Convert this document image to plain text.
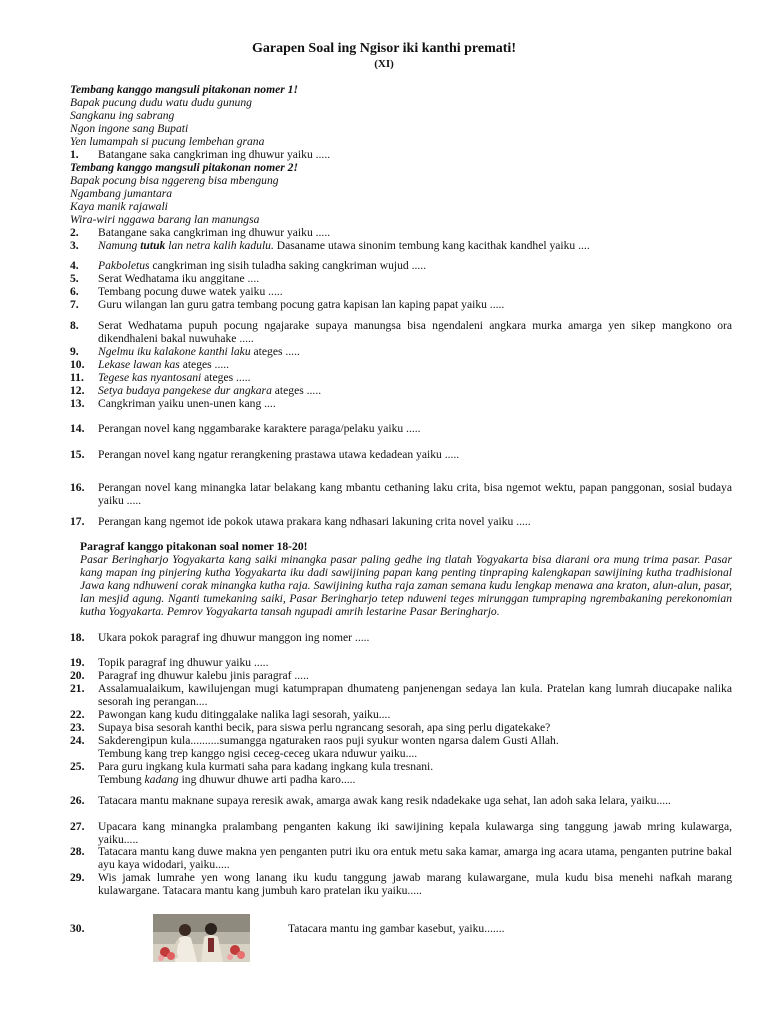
Garapen Soal ing Ngisor iki kanthi premati!
(XI)
Tembang kanggo mangsuli pitakonan nomer 1!
Bapak pucung dudu watu dudu gunung
Sangkanu ing sabrang
Ngon ingone sang Bupati
Yen lumampah si pucung lembehan grana
1.	Batangane saka cangkriman ing dhuwur yaiku .....
Tembang kanggo mangsuli pitakonan nomer 2!
Bapak pocung bisa nggereng bisa mbengung
Ngambang jumantara
Kaya manik rajawali
Wira-wiri nggawa barang lan manungsa
2.	Batangane saka cangkriman ing dhuwur yaiku .....
3.	Namung tutuk lan netra kalih kadulu. Dasaname utawa sinonim tembung kang kacithak kandhel yaiku ....
4.	Pakboletus cangkriman ing sisih tuladha saking cangkriman wujud .....
5.	Serat Wedhatama iku anggitane ....
6.	Tembang pocung duwe watek yaiku .....
7.	Guru wilangan lan guru gatra tembang pocung gatra kapisan lan kaping papat yaiku .....
8.	Serat Wedhatama pupuh pocung ngajarake supaya manungsa bisa ngendaleni angkara murka amarga yen sikep mangkono ora dikendhaleni bakal nuwuhake .....
9.	Ngelmu iku kalakone kanthi laku ateges .....
10.	Lekase lawan kas ateges .....
11.	Tegese kas nyantosani ateges .....
12.	Setya budaya pangekese dur angkara ateges .....
13.	Cangkriman yaiku unen-unen kang ....
14.	Perangan novel kang nggambarake karaktere paraga/pelaku yaiku .....
15.	Perangan novel kang ngatur rerangkening prastawa utawa kedadean yaiku .....
16.	Perangan novel kang minangka latar belakang kang mbantu cethaning laku crita, bisa ngemot wektu, papan panggonan, sosial budaya yaiku .....
17.	Perangan kang ngemot ide pokok utawa prakara kang ndhasari lakuning crita novel yaiku .....
Paragraf kanggo pitakonan soal nomer 18-20!
Pasar Beringharjo Yogyakarta kang saiki minangka pasar paling gedhe ing tlatah Yogyakarta bisa diarani ora mung trima pasar. Pasar kang mapan ing pinjering kutha Yogyakarta iku dadi sawijining papan kang penting tinpraping kalengkapan sawijining kutha tradhisional Jawa kang ndhuweni corak minangka kutha raja. Sawijining kutha raja zaman semana kudu lengkap menawa ana kraton, alun-alun, pasar, lan mesjid agung. Nganti tumekaning saiki, Pasar Beringharjo tetep nduweni teges mirunggan tumpraping ngrembakaning perekonomian kutha Yogyakarta. Pemrov Yogyakarta tansah ngupadi amrih lestarine Pasar Beringharjo.
18.	Ukara pokok paragraf ing dhuwur manggon ing nomer .....
19.	Topik paragraf ing dhuwur yaiku .....
20.	Paragraf ing dhuwur kalebu jinis paragraf .....
21.	Assalamualaikum, kawilujengan mugi katumprapan dhumateng panjenengan sedaya lan kula. Pratelan kang lumrah diucapake nalika sesorah ing perangan....
22.	Pawongan kang kudu ditinggalake nalika lagi sesorah, yaiku....
23.	Supaya bisa sesorah kanthi becik, para siswa perlu ngrancang sesorah, apa sing perlu digatekake?
24.	Sakderengipun kula..........sumangga ngaturaken raos puji syukur wonten ngarsa dalem Gusti Allah.
Tembung kang trep kanggo ngisi ceceg-ceceg ukara nduwur yaiku....
25.	Para guru ingkang kula kurmati saha para kadang ingkang kula tresnani.
Tembung kadang ing dhuwur dhuwe arti padha karo.....
26.	Tatacara mantu maknane supaya reresik awak, amarga awak kang resik ndadekake uga sehat, lan adoh saka lelara, yaiku.....
27.	Upacara kang minangka pralambang penganten kakung iki sawijining kepala kulawarga sing tanggung jawab mring kulawarga, yaiku.....
28.	Tatacara mantu kang duwe makna yen penganten putri iku ora entuk metu saka kamar, amarga ing acara utama, penganten putrine bakal ayu kaya widodari, yaiku.....
29.	Wis jamak lumrahe yen wong lanang iku kudu tanggung jawab marang kulawargane, mula kudu bisa menehi nafkah marang kulawargane. Tatacara mantu kang jumbuh karo pratelan iku yaiku.....
30.	Tatacara mantu ing gambar kasebut, yaiku.......
